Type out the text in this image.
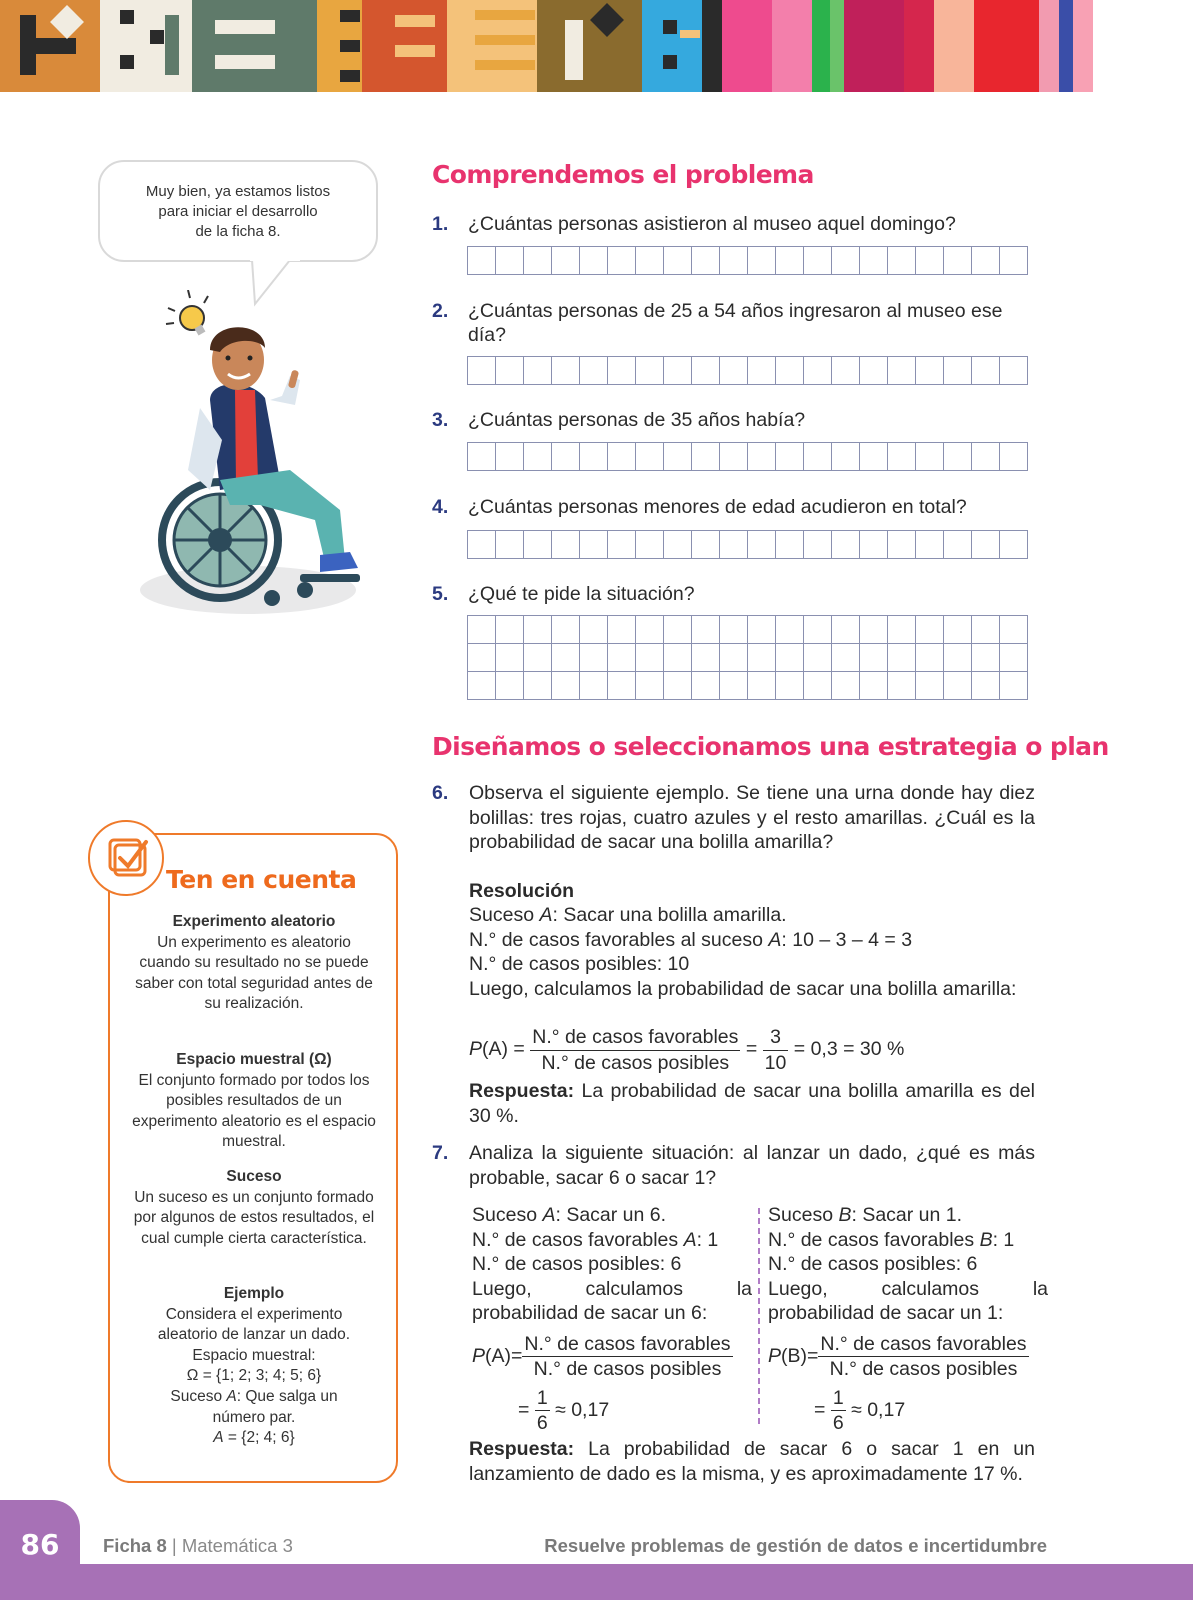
Muy bien, ya estamos listos
para iniciar el desarrollo
de la ficha 8.
Comprendemos el problema
1. ¿Cuántas personas asistieron al museo aquel domingo?

2. ¿Cuántas personas de 25 a 54 años ingresaron al museo ese día?

3. ¿Cuántas personas de 35 años había?

4. ¿Cuántas personas menores de edad acudieron en total?

5. ¿Qué te pide la situación?

Diseñamos o seleccionamos una estrategia o plan
6. Observa el siguiente ejemplo. Se tiene una urna donde hay diez bolillas: tres rojas, cuatro azules y el resto amarillas. ¿Cuál es la probabilidad de sacar una bolilla amarilla?
Resolución
Suceso A: Sacar una bolilla amarilla.
N.° de casos favorables al suceso A: 10 – 3 – 4 = 3
N.° de casos posibles: 10
Luego, calculamos la probabilidad de sacar una bolilla amarilla:
$P(A) = \frac{\text{N.° de casos favorables}}{\text{N.° de casos posibles}} = \frac{3}{10} = 0,3 = 30$ %
Respuesta: La probabilidad de sacar una bolilla amarilla es del 30 %.
7. Analiza la siguiente situación: al lanzar un dado, ¿qué es más probable, sacar 6 o sacar 1?
Suceso A: Sacar un 6.
N.° de casos favorables A: 1
N.° de casos posibles: 6
Luego, calculamos la probabilidad de sacar un 6:
$P(A)= \frac{\text{N.° de casos favorables}}{\text{N.° de casos posibles}}$
= $\frac{1}{6} \approx 0,17$
Suceso B: Sacar un 1.
N.° de casos favorables B: 1
N.° de casos posibles: 6
Luego, calculamos la probabilidad de sacar un 1:
$P(B)= \frac{\text{N.° de casos favorables}}{\text{N.° de casos posibles}}$
= $\frac{1}{6} \approx 0,17$
Respuesta: La probabilidad de sacar 6 o sacar 1 en un lanzamiento de dado es la misma, y es aproximadamente 17 %.
Ten en cuenta
Experimento aleatorio
Un experimento es aleatorio cuando su resultado no se puede saber con total seguridad antes de su realización.
Espacio muestral (Ω)
El conjunto formado por todos los posibles resultados de un experimento aleatorio es el espacio muestral.
Suceso
Un suceso es un conjunto formado por algunos de estos resultados, el cual cumple cierta característica.
Ejemplo
Considera el experimento aleatorio de lanzar un dado.
Espacio muestral:
Ω = {1; 2; 3; 4; 5; 6}
Suceso A: Que salga un
número par.
A = {2; 4; 6}
86	Ficha 8 | Matemática 3	Resuelve problemas de gestión de datos e incertidumbre
